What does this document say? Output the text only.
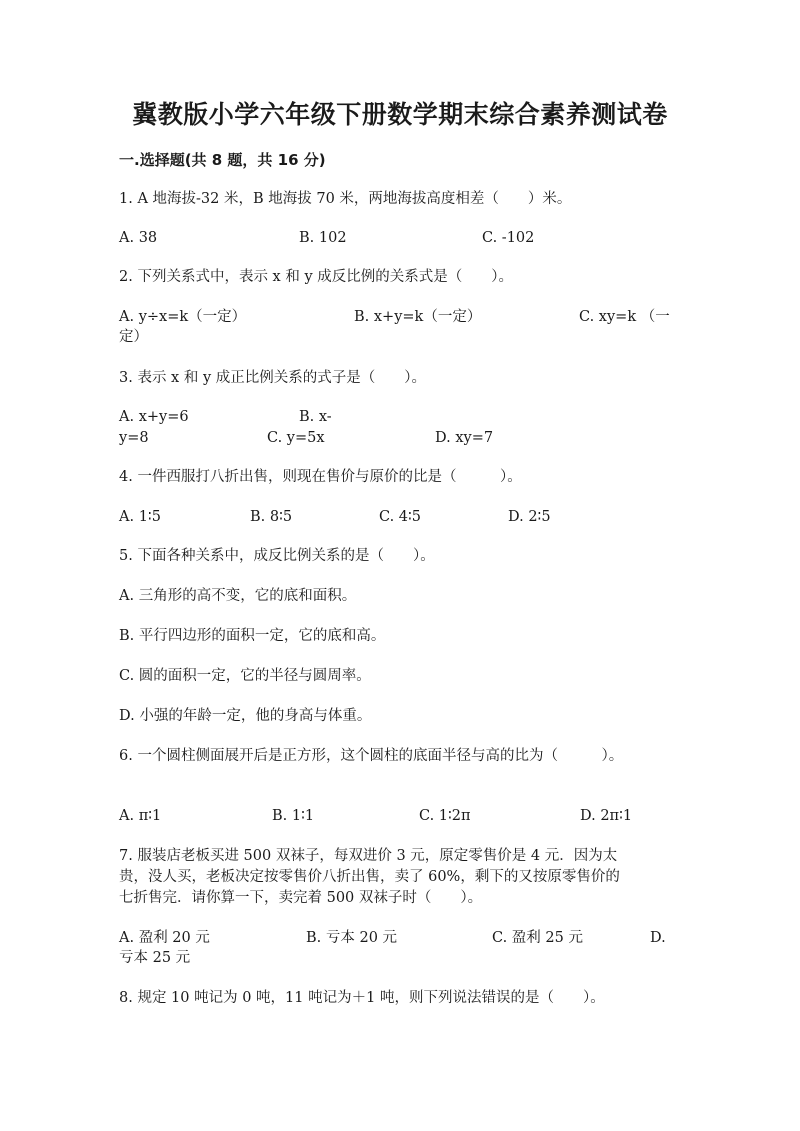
冀教版小学六年级下册数学期末综合素养测试卷
一.选择题(共 8 题，共 16 分)
1. A 地海拔-32 米，B 地海拔 70 米，两地海拔高度相差（　　）米。
A. 38	B. 102	C. -102
2. 下列关系式中，表示 x 和 y 成反比例的关系式是（　　）。
A. y÷x=k（一定）	B. x+y=k（一定）	C. xy=k （一
定）
3. 表示 x 和 y 成正比例关系的式子是（　　）。
A. x+y=6	B. x-
y=8	C. y=5x	D. xy=7
4. 一件西服打八折出售，则现在售价与原价的比是（　　　）。
A. 1∶5	B. 8∶5	C. 4∶5	D. 2∶5
5. 下面各种关系中，成反比例关系的是（　　）。
A. 三角形的高不变，它的底和面积。
B. 平行四边形的面积一定，它的底和高。
C. 圆的面积一定，它的半径与圆周率。
D. 小强的年龄一定，他的身高与体重。
6. 一个圆柱侧面展开后是正方形，这个圆柱的底面半径与高的比为（　　　）。
A. π∶1	B. 1∶1	C. 1∶2π	D. 2π∶1
7. 服装店老板买进 500 双袜子，每双进价 3 元，原定零售价是 4 元．因为太
贵，没人买，老板决定按零售价八折出售，卖了 60%，剩下的又按原零售价的
七折售完．请你算一下，卖完着 500 双袜子时（　　）。
A. 盈利 20 元	B. 亏本 20 元	C. 盈利 25 元	D.
亏本 25 元
8. 规定 10 吨记为 0 吨，11 吨记为＋1 吨，则下列说法错误的是（　　）。
